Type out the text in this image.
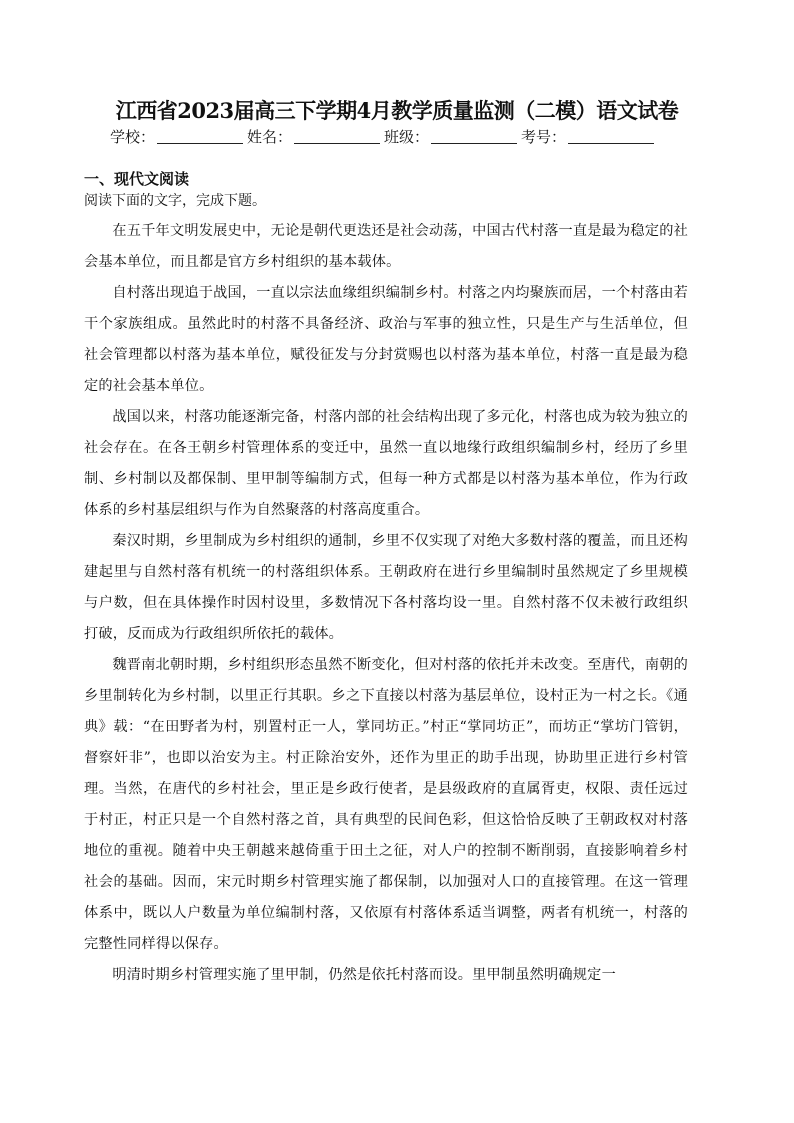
江西省2023届高三下学期4月教学质量监测（二模）语文试卷
学校：	姓名：	班级：	考号：
一、现代文阅读
阅读下面的文字，完成下题。

在五千年文明发展史中，无论是朝代更迭还是社会动荡，中国古代村落一直是最为稳定的社会基本单位，而且都是官方乡村组织的基本载体。

自村落出现追于战国，一直以宗法血缘组织编制乡村。村落之内均聚族而居，一个村落由若干个家族组成。虽然此时的村落不具备经济、政治与军事的独立性，只是生产与生活单位，但社会管理都以村落为基本单位，赋役征发与分封赏赐也以村落为基本单位，村落一直是最为稳定的社会基本单位。

战国以来，村落功能逐渐完备，村落内部的社会结构出现了多元化，村落也成为较为独立的社会存在。在各王朝乡村管理体系的变迁中，虽然一直以地缘行政组织编制乡村，经历了乡里制、乡村制以及都保制、里甲制等编制方式，但每一种方式都是以村落为基本单位，作为行政体系的乡村基层组织与作为自然聚落的村落高度重合。

秦汉时期，乡里制成为乡村组织的通制，乡里不仅实现了对绝大多数村落的覆盖，而且还构建起里与自然村落有机统一的村落组织体系。王朝政府在进行乡里编制时虽然规定了乡里规模与户数，但在具体操作时因村设里，多数情况下各村落均设一里。自然村落不仅未被行政组织打破，反而成为行政组织所依托的载体。

魏晋南北朝时期，乡村组织形态虽然不断变化，但对村落的依托并未改变。至唐代，南朝的乡里制转化为乡村制，以里正行其职。乡之下直接以村落为基层单位，设村正为一村之长。《通典》载：“在田野者为村，别置村正一人，掌同坊正。”村正“掌同坊正”，而坊正“掌坊门管钥，督察奸非”，也即以治安为主。村正除治安外，还作为里正的助手出现，协助里正进行乡村管理。当然，在唐代的乡村社会，里正是乡政行使者，是县级政府的直属胥吏，权限、责任远过于村正，村正只是一个自然村落之首，具有典型的民间色彩，但这恰恰反映了王朝政权对村落地位的重视。随着中央王朝越来越倚重于田土之征，对人户的控制不断削弱，直接影响着乡村社会的基础。因而，宋元时期乡村管理实施了都保制，以加强对人口的直接管理。在这一管理体系中，既以人户数量为单位编制村落，又依原有村落体系适当调整，两者有机统一，村落的完整性同样得以保存。

明清时期乡村管理实施了里甲制，仍然是依托村落而设。里甲制虽然明确规定一
